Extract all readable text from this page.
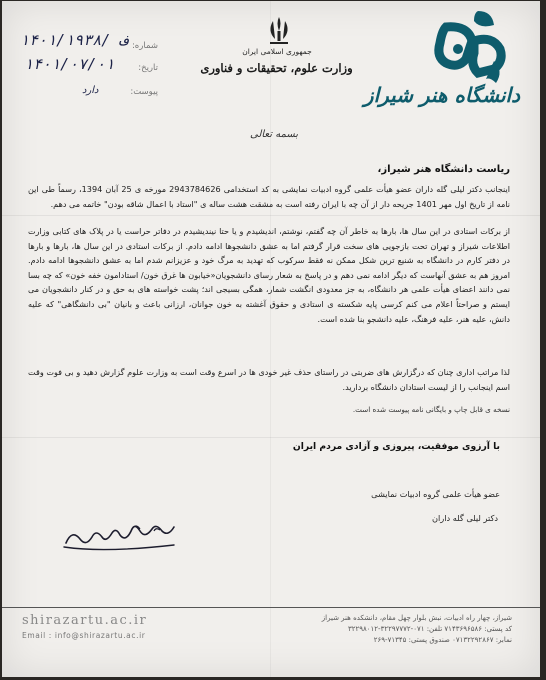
دانشگاه هنر شیراز
جمهوری اسلامی ایران
وزارت علوم، تحقیقات و فناوری
بسمه تعالی
شماره:
۱۴۰۱/۱۹۳۸/ ف
تاریخ:
۱۴۰۱/۰۷/۰۱
پیوست:
دارد
ریاست دانشگاه هنر شیراز،
اینجانب دکتر لیلی گله داران عضو هیأت علمی گروه ادبیات نمایشی به کد استخدامی 2943784626 مورخه ی 25 آبان 1394، رسماً طی این نامه از تاریخ اول مهر 1401 جریحه دار از آن چه با ایران رفته است به مشقت هشت ساله ی "استاد با اعمال شاقه بودن" خاتمه می دهم.
از برکات استادی در این سال ها، بارها به خاطر آن چه گفتم، نوشتم، اندیشیدم و یا حتا نیندیشیدم در دفاتر حراست یا در پلاک های کتابی وزارت اطلاعات شیراز و تهران تحت بازجویی های سخت قرار گرفتم اما به عشق دانشجوها ادامه دادم. از برکات استادی در این سال ها، بارها و بارها در دفتر کارم در دانشگاه به شنیع ترین شکل ممکن نه فقط سرکوب که تهدید به مرگ خود و عزیزانم شدم اما به عشق دانشجوها ادامه دادم. امروز هم به عشق آنهاست که دیگر ادامه نمی دهم و در پاسخ به شعار رسای دانشجویان«خیابون ها غرق خون/ استادامون خفه خون» که چه بسا نمی دانند اعضای هیأت علمی هر دانشگاه، به جز معدودی انگشت شمار، همگی بسیجی اند؛ پشت خواسته های به حق و در کنار دانشجویان می ایستم و صراحتاً اعلام می کنم کرسی پایه شکسته ی استادی و حقوق آغشته به خون جوانان، ارزانی باعث و بانیان "بی دانشگاهی" که علیه دانش، علیه هنر، علیه فرهنگ، علیه دانشجو بنا شده است.
لذا مراتب اداری چنان که درگزارش های ضربتی در راستای حذف غیر خودی ها در اسرع وقت است به وزارت علوم گزارش دهید و بی فوت وقت اسم اینجانب را از لیست استادان دانشگاه بردارید.
نسخه ی قابل چاپ و بایگانی نامه پیوست شده است.
با آرزوی موفقیت، پیروزی و آزادی مردم ایران
عضو هیأت علمی گروه ادبیات نمایشی
دکتر لیلی گله داران
shirazartu.ac.ir
Email : info@shirazartu.ac.ir
شیراز، چهار راه ادبیات، نبش بلوار چهل مقام، دانشکده هنر شیراز
کد پستی: ۷۱۴۳۶۹۶۵۸۶ تلفن: ۰۷۱-۳۲۲۹۷۷۷۲-۳۲۲۹۸۰۱۲
نمابر: ۰۷۱۳۲۲۹۲۸۶۷ صندوق پستی: ۷۱۳۴۵-۲۶۹
